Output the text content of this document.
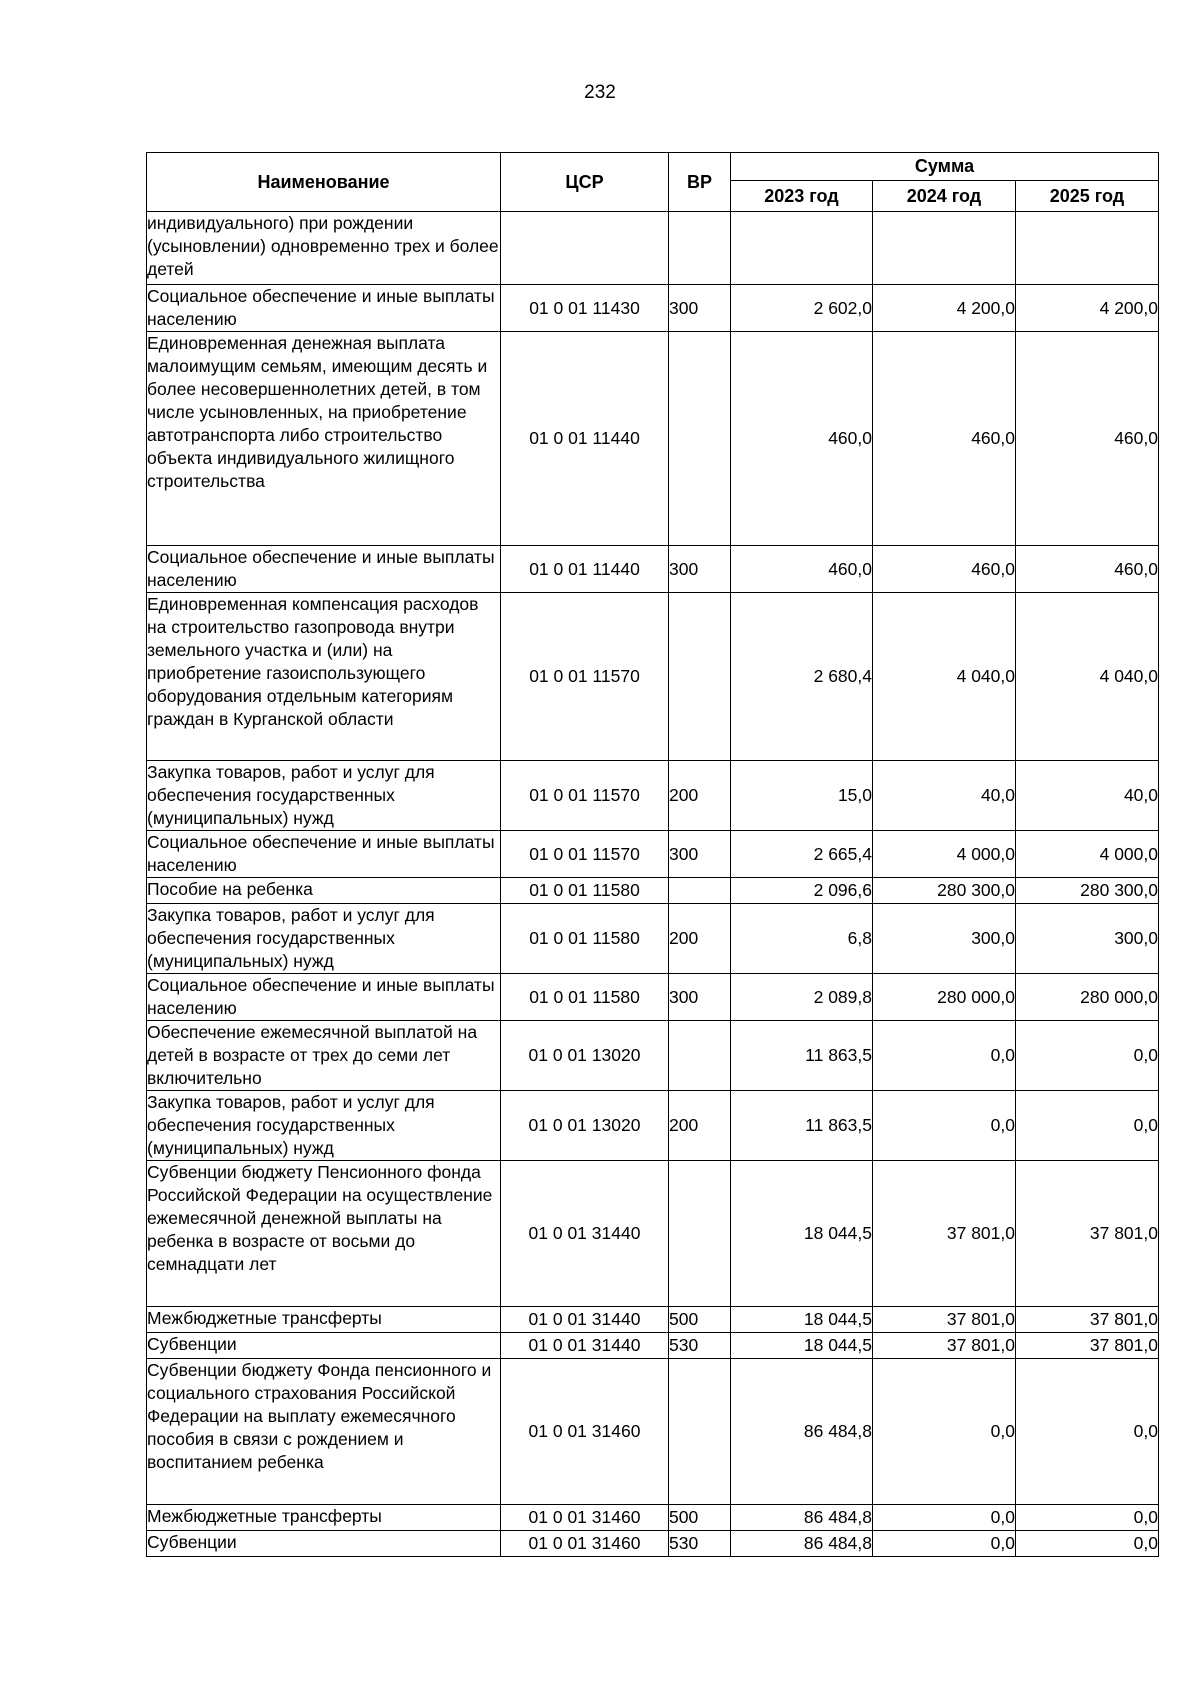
232
Наименование	ЦСР	ВР	Сумма		
			2023 год	2024 год	2025 год
индивидуального) при рождении (усыновлении) одновременно трех и более детей					
Социальное обеспечение и иные выплаты населению	01 0 01 11430	300	2 602,0	4 200,0	4 200,0
Единовременная денежная выплата малоимущим семьям, имеющим десять и более несовершеннолетних детей, в том числе усыновленных, на приобретение автотранспорта либо строительство объекта индивидуального жилищного строительства	01 0 01 11440		460,0	460,0	460,0
Социальное обеспечение и иные выплаты населению	01 0 01 11440	300	460,0	460,0	460,0
Единовременная компенсация расходов на строительство газопровода внутри земельного участка и (или) на приобретение газоиспользующего оборудования отдельным категориям граждан в Курганской области	01 0 01 11570		2 680,4	4 040,0	4 040,0
Закупка товаров, работ и услуг для обеспечения государственных (муниципальных) нужд	01 0 01 11570	200	15,0	40,0	40,0
Социальное обеспечение и иные выплаты населению	01 0 01 11570	300	2 665,4	4 000,0	4 000,0
Пособие на ребенка	01 0 01 11580		2 096,6	280 300,0	280 300,0
Закупка товаров, работ и услуг для обеспечения государственных (муниципальных) нужд	01 0 01 11580	200	6,8	300,0	300,0
Социальное обеспечение и иные выплаты населению	01 0 01 11580	300	2 089,8	280 000,0	280 000,0
Обеспечение ежемесячной выплатой на детей в возрасте от трех до семи лет включительно	01 0 01 13020		11 863,5	0,0	0,0
Закупка товаров, работ и услуг для обеспечения государственных (муниципальных) нужд	01 0 01 13020	200	11 863,5	0,0	0,0
Субвенции бюджету Пенсионного фонда Российской Федерации на осуществление ежемесячной денежной выплаты на ребенка в возрасте от восьми до семнадцати лет	01 0 01 31440		18 044,5	37 801,0	37 801,0
Межбюджетные трансферты	01 0 01 31440	500	18 044,5	37 801,0	37 801,0
Субвенции	01 0 01 31440	530	18 044,5	37 801,0	37 801,0
Субвенции бюджету Фонда пенсионного и социального страхования Российской Федерации на выплату ежемесячного пособия в связи с рождением и воспитанием ребенка	01 0 01 31460		86 484,8	0,0	0,0
Межбюджетные трансферты	01 0 01 31460	500	86 484,8	0,0	0,0
Субвенции	01 0 01 31460	530	86 484,8	0,0	0,0
